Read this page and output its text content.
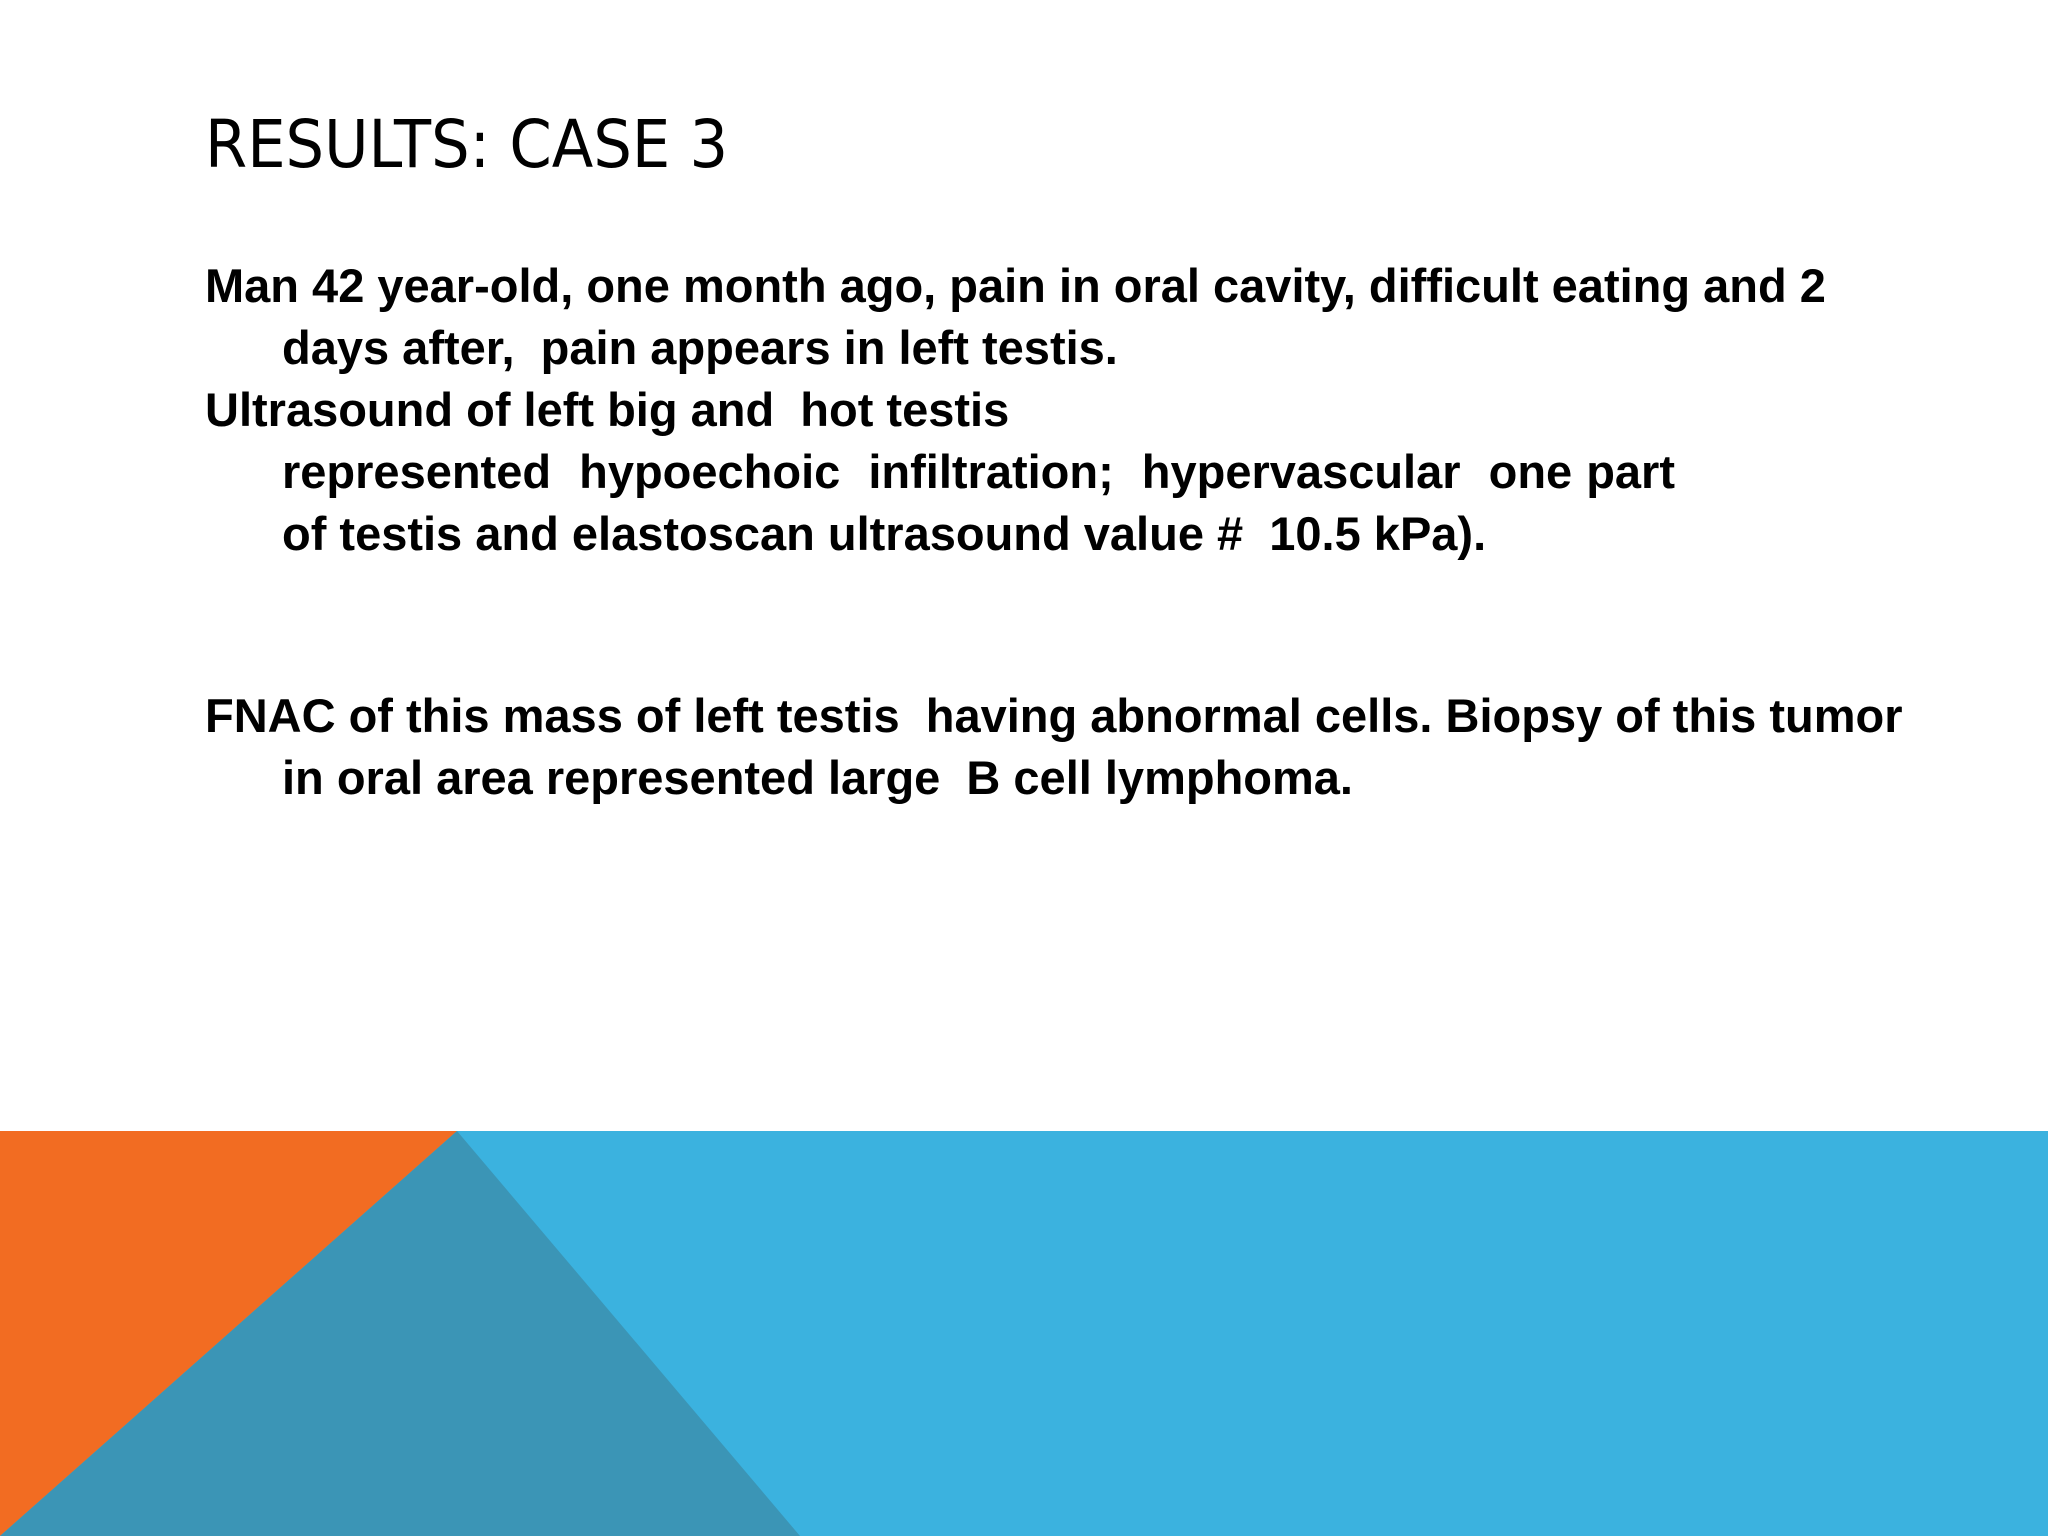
RESULTS: CASE 3

Man 42 year-old, one month ago, pain in oral cavity, difficult eating and 2 days after,  pain appears in left testis.

Ultrasound of left big and  hot testis
represented  hypoechoic  infiltration;  hypervascular  one part
of testis and elastoscan ultrasound value #  10.5 kPa).

FNAC of this mass of left testis  having abnormal cells. Biopsy of this tumor in oral area represented large  B cell lymphoma.
